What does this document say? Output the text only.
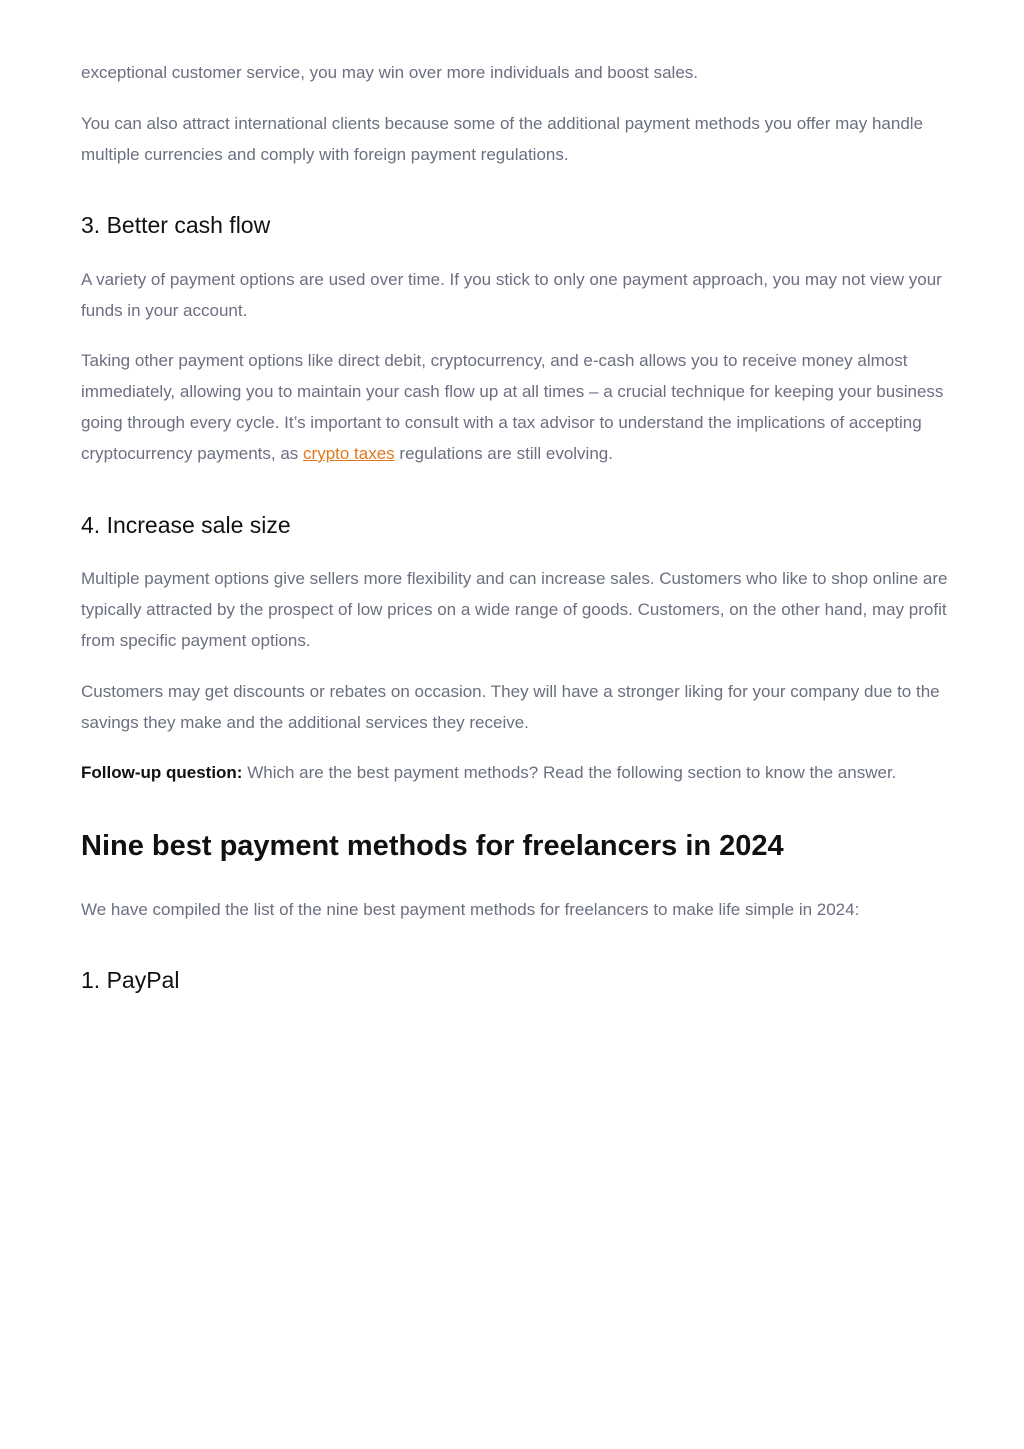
exceptional customer service, you may win over more individuals and boost sales.

You can also attract international clients because some of the additional payment methods you offer may handle multiple currencies and comply with foreign payment regulations.

3. Better cash flow

A variety of payment options are used over time. If you stick to only one payment approach, you may not view your funds in your account.

Taking other payment options like direct debit, cryptocurrency, and e-cash allows you to receive money almost immediately, allowing you to maintain your cash flow up at all times – a crucial technique for keeping your business going through every cycle. It’s important to consult with a tax advisor to understand the implications of accepting cryptocurrency payments, as crypto taxes regulations are still evolving.

4. Increase sale size

Multiple payment options give sellers more flexibility and can increase sales. Customers who like to shop online are typically attracted by the prospect of low prices on a wide range of goods. Customers, on the other hand, may profit from specific payment options.

Customers may get discounts or rebates on occasion. They will have a stronger liking for your company due to the savings they make and the additional services they receive.

Follow-up question: Which are the best payment methods? Read the following section to know the answer.

Nine best payment methods for freelancers in 2024

We have compiled the list of the nine best payment methods for freelancers to make life simple in 2024:

1. PayPal
